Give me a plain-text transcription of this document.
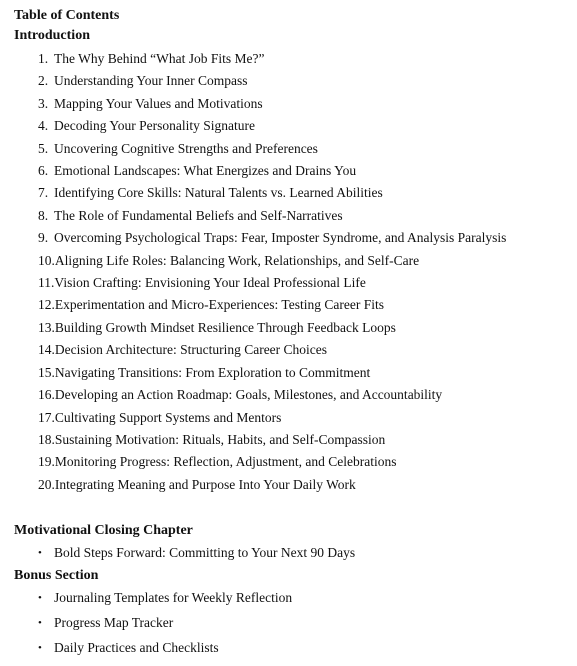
Table of Contents
Introduction
1. The Why Behind “What Job Fits Me?”
2. Understanding Your Inner Compass
3. Mapping Your Values and Motivations
4. Decoding Your Personality Signature
5. Uncovering Cognitive Strengths and Preferences
6. Emotional Landscapes: What Energizes and Drains You
7. Identifying Core Skills: Natural Talents vs. Learned Abilities
8. The Role of Fundamental Beliefs and Self-Narratives
9. Overcoming Psychological Traps: Fear, Imposter Syndrome, and Analysis Paralysis
10.Aligning Life Roles: Balancing Work, Relationships, and Self-Care
11.Vision Crafting: Envisioning Your Ideal Professional Life
12.Experimentation and Micro-Experiences: Testing Career Fits
13.Building Growth Mindset Resilience Through Feedback Loops
14.Decision Architecture: Structuring Career Choices
15.Navigating Transitions: From Exploration to Commitment
16.Developing an Action Roadmap: Goals, Milestones, and Accountability
17.Cultivating Support Systems and Mentors
18.Sustaining Motivation: Rituals, Habits, and Self-Compassion
19.Monitoring Progress: Reflection, Adjustment, and Celebrations
20.Integrating Meaning and Purpose Into Your Daily Work
Motivational Closing Chapter
• Bold Steps Forward: Committing to Your Next 90 Days
Bonus Section
• Journaling Templates for Weekly Reflection
• Progress Map Tracker
• Daily Practices and Checklists
